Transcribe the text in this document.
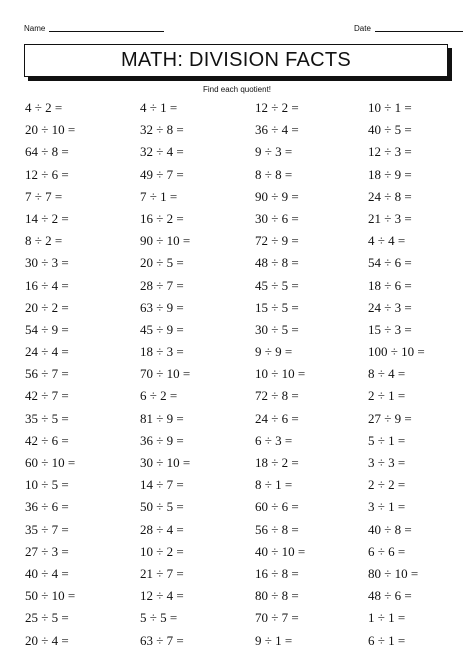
Name	Date
MATH: DIVISION FACTS
Find each quotient!
4 ÷ 2 =	4 ÷ 1 =	12 ÷ 2 =	10 ÷ 1 =
20 ÷ 10 =	32 ÷ 8 =	36 ÷ 4 =	40 ÷ 5 =
64 ÷ 8 =	32 ÷ 4 =	9 ÷ 3 =	12 ÷ 3 =
12 ÷ 6 =	49 ÷ 7 =	8 ÷ 8 =	18 ÷ 9 =
7 ÷ 7 =	7 ÷ 1 =	90 ÷ 9 =	24 ÷ 8 =
14 ÷ 2 =	16 ÷ 2 =	30 ÷ 6 =	21 ÷ 3 =
8 ÷ 2 =	90 ÷ 10 =	72 ÷ 9 =	4 ÷ 4 =
30 ÷ 3 =	20 ÷ 5 =	48 ÷ 8 =	54 ÷ 6 =
16 ÷ 4 =	28 ÷ 7 =	45 ÷ 5 =	18 ÷ 6 =
20 ÷ 2 =	63 ÷ 9 =	15 ÷ 5 =	24 ÷ 3 =
54 ÷ 9 =	45 ÷ 9 =	30 ÷ 5 =	15 ÷ 3 =
24 ÷ 4 =	18 ÷ 3 =	9 ÷ 9 =	100 ÷ 10 =
56 ÷ 7 =	70 ÷ 10 =	10 ÷ 10 =	8 ÷ 4 =
42 ÷ 7 =	6 ÷ 2 =	72 ÷ 8 =	2 ÷ 1 =
35 ÷ 5 =	81 ÷ 9 =	24 ÷ 6 =	27 ÷ 9 =
42 ÷ 6 =	36 ÷ 9 =	6 ÷ 3 =	5 ÷ 1 =
60 ÷ 10 =	30 ÷ 10 =	18 ÷ 2 =	3 ÷ 3 =
10 ÷ 5 =	14 ÷ 7 =	8 ÷ 1 =	2 ÷ 2 =
36 ÷ 6 =	50 ÷ 5 =	60 ÷ 6 =	3 ÷ 1 =
35 ÷ 7 =	28 ÷ 4 =	56 ÷ 8 =	40 ÷ 8 =
27 ÷ 3 =	10 ÷ 2 =	40 ÷ 10 =	6 ÷ 6 =
40 ÷ 4 =	21 ÷ 7 =	16 ÷ 8 =	80 ÷ 10 =
50 ÷ 10 =	12 ÷ 4 =	80 ÷ 8 =	48 ÷ 6 =
25 ÷ 5 =	5 ÷ 5 =	70 ÷ 7 =	1 ÷ 1 =
20 ÷ 4 =	63 ÷ 7 =	9 ÷ 1 =	6 ÷ 1 =
